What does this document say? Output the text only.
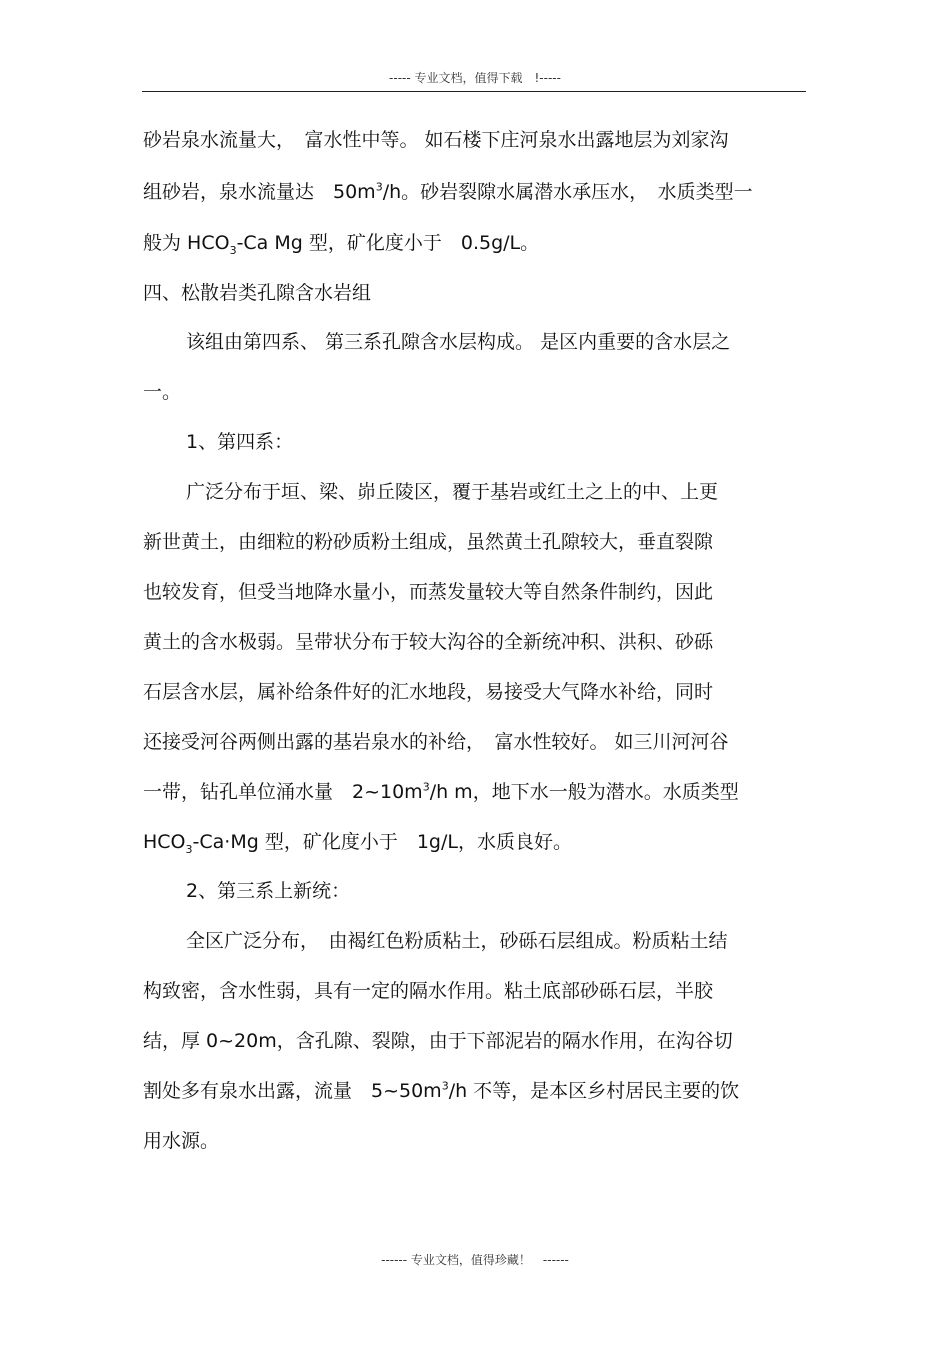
----- 专业文档，值得下载　!-----
砂岩泉水流量大，　富水性中等。 如石楼下庄河泉水出露地层为刘家沟
组砂岩，泉水流量达　$50m^3/h$。砂岩裂隙水属潜水承压水，　水质类型一
般为 $HCO_3-Ca$ Mg 型，矿化度小于　0.5g/L。
四、松散岩类孔隙含水岩组
该组由第四系、 第三系孔隙含水层构成。 是区内重要的含水层之
一。
1、第四系：
广泛分布于垣、梁、峁丘陵区，覆于基岩或红土之上的中、上更
新世黄土，由细粒的粉砂质粉土组成，虽然黄土孔隙较大，垂直裂隙
也较发育，但受当地降水量小，而蒸发量较大等自然条件制约，因此
黄土的含水极弱。呈带状分布于较大沟谷的全新统冲积、洪积、砂砾
石层含水层，属补给条件好的汇水地段，易接受大气降水补给，同时
还接受河谷两侧出露的基岩泉水的补给，　富水性较好。 如三川河河谷
一带，钻孔单位涌水量　$2\sim 10m^3/h$ m，地下水一般为潜水。水质类型
$HCO_3-Ca\cdot Mg$ 型，矿化度小于　1g/L，水质良好。
2、第三系上新统：
全区广泛分布，　由褐红色粉质粘土，砂砾石层组成。粉质粘土结
构致密，含水性弱，具有一定的隔水作用。粘土底部砂砾石层，半胶
结，厚 0~20m，含孔隙、裂隙，由于下部泥岩的隔水作用，在沟谷切
割处多有泉水出露，流量　$5\sim 50m^3/h$ 不等，是本区乡村居民主要的饮
用水源。
------ 专业文档，值得珍藏！　------
